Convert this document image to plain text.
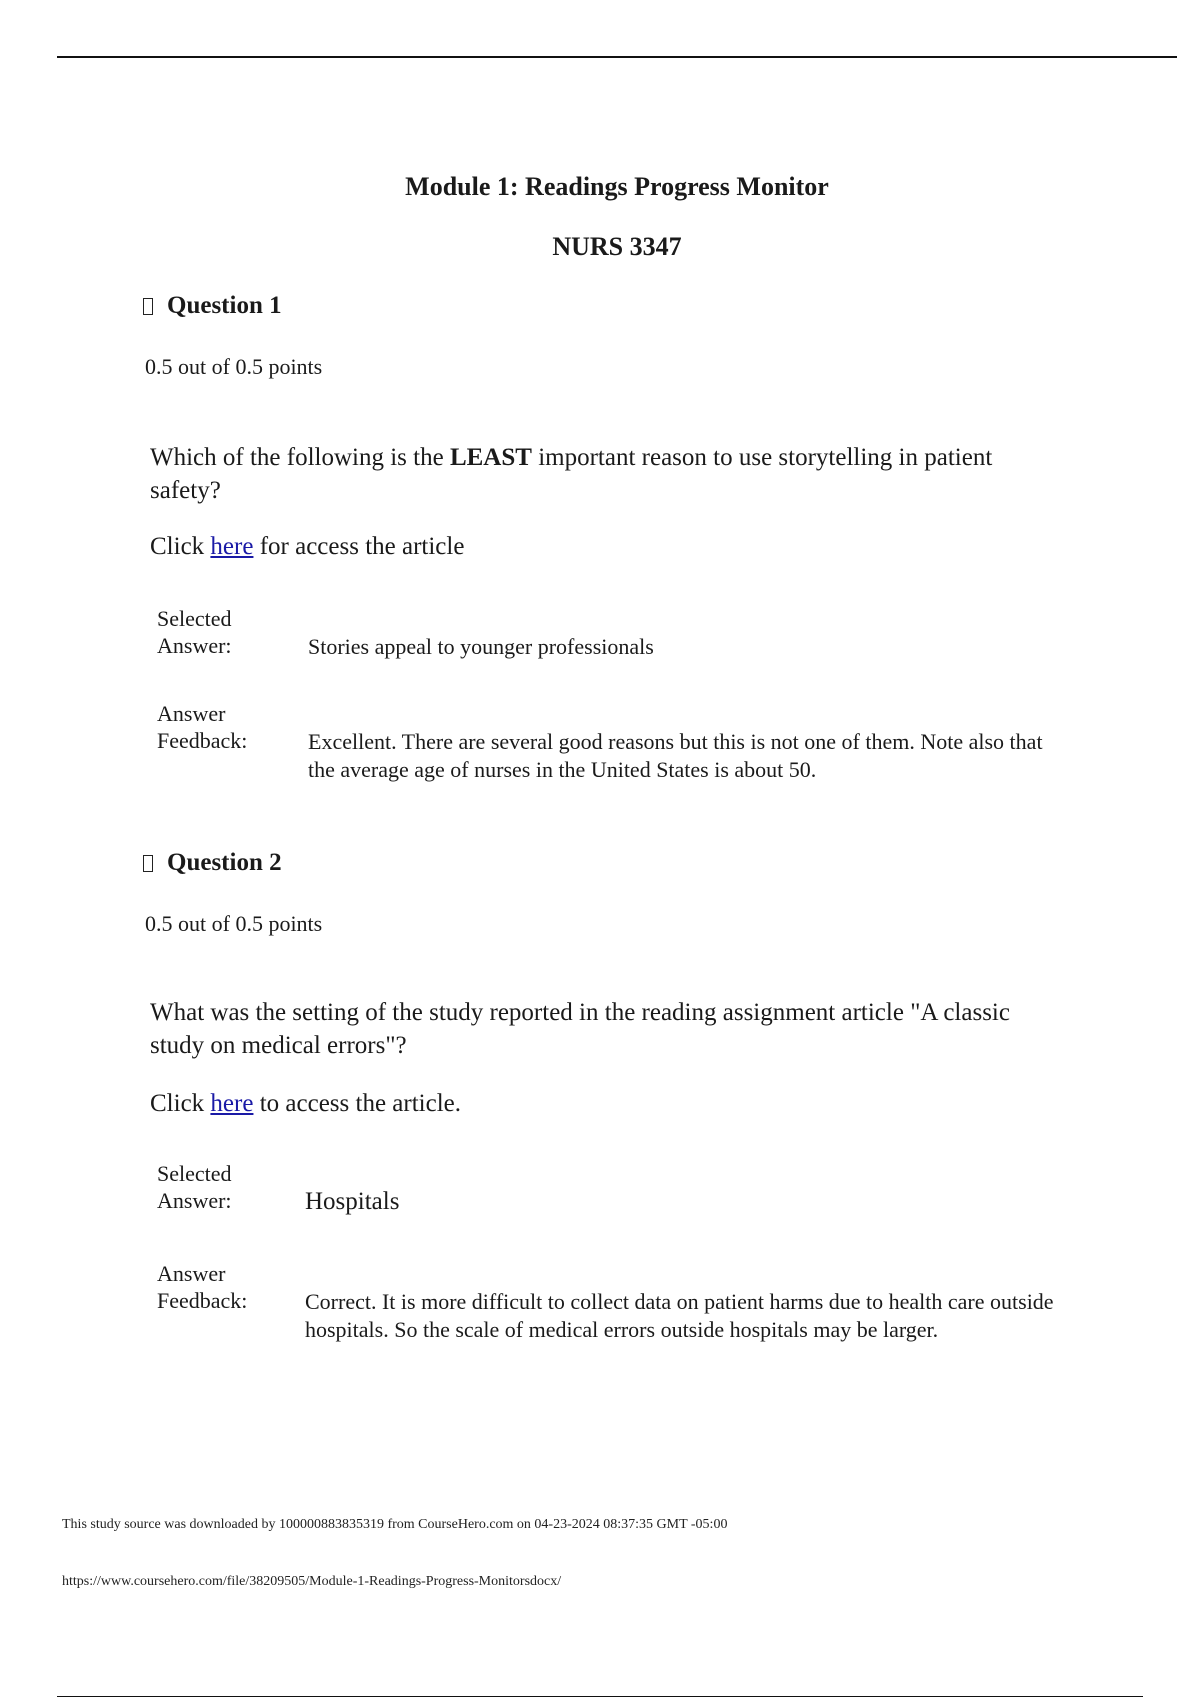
Module 1: Readings Progress Monitor
NURS 3347
Question 1
0.5 out of 0.5 points
Which of the following is the LEAST important reason to use storytelling in patient safety?
Click here for access the article
Selected
Answer:	Stories appeal to younger professionals
Answer
Feedback:	Excellent. There are several good reasons but this is not one of them. Note also that the average age of nurses in the United States is about 50.
Question 2
0.5 out of 0.5 points
What was the setting of the study reported in the reading assignment article "A classic study on medical errors"?
Click here to access the article.
Selected
Answer:	Hospitals
Answer
Feedback:	Correct. It is more difficult to collect data on patient harms due to health care outside hospitals. So the scale of medical errors outside hospitals may be larger.
This study source was downloaded by 100000883835319 from CourseHero.com on 04-23-2024 08:37:35 GMT -05:00
https://www.coursehero.com/file/38209505/Module-1-Readings-Progress-Monitorsdocx/
